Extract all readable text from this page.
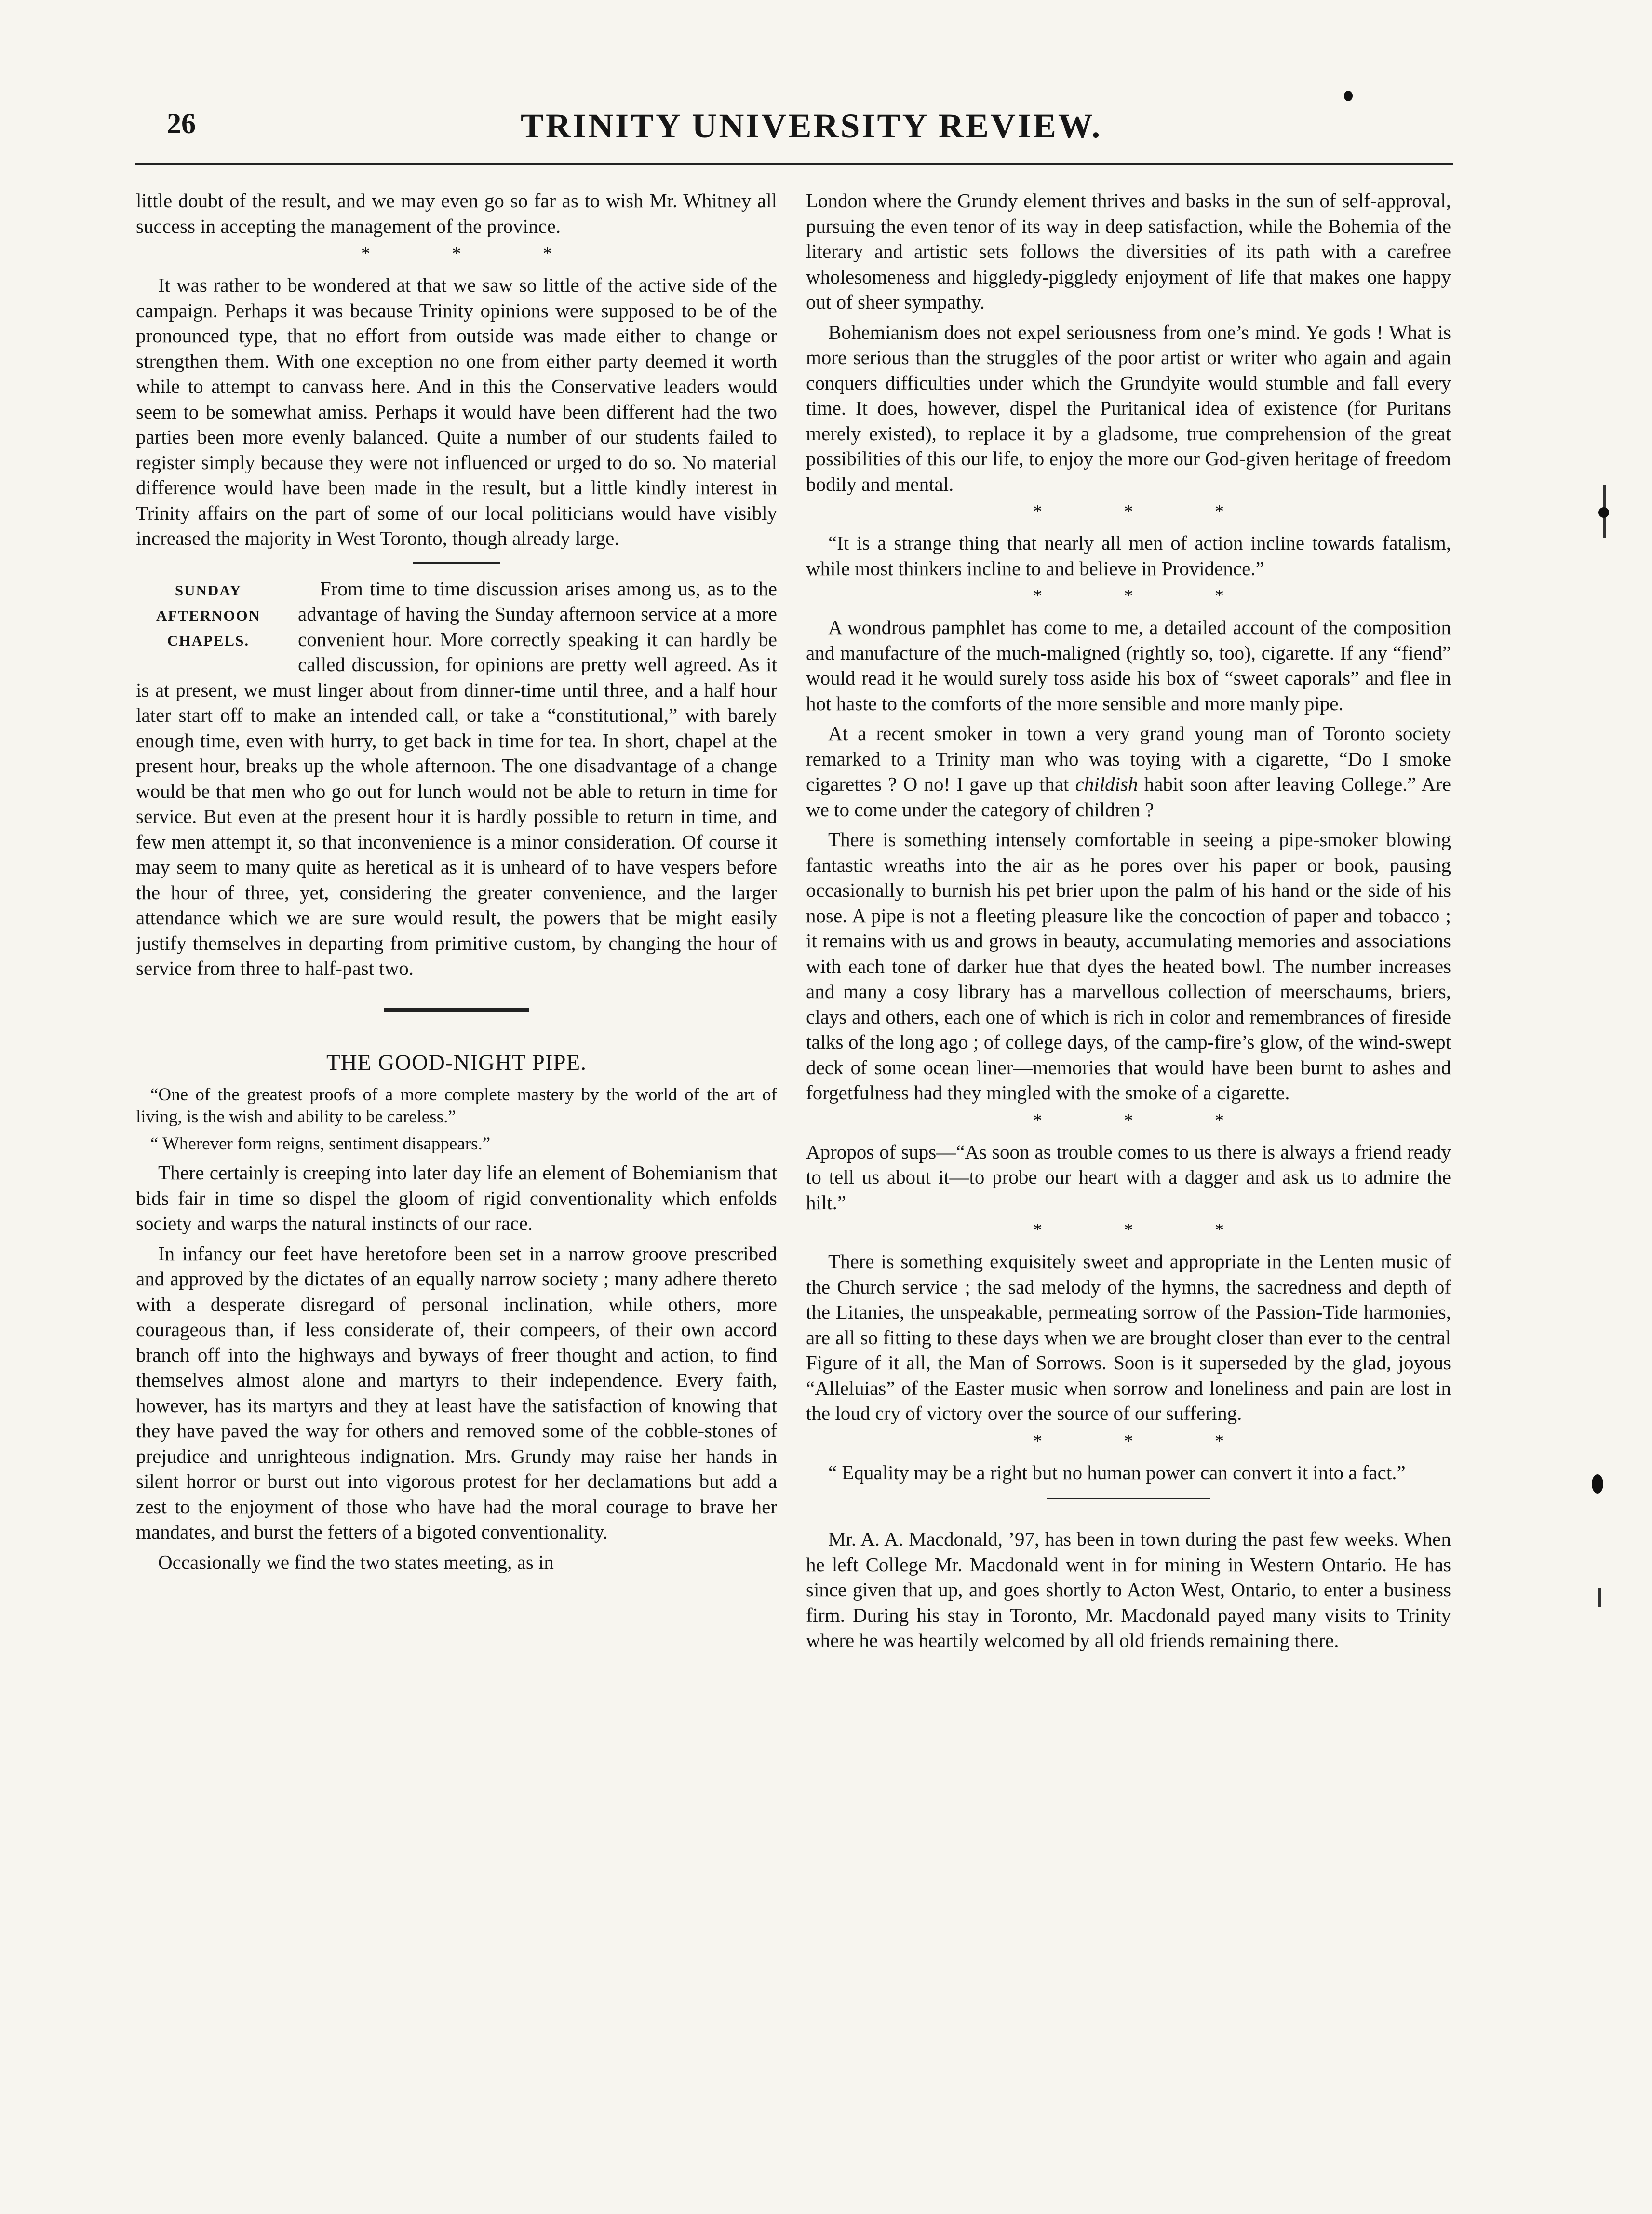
26	TRINITY UNIVERSITY REVIEW.

little doubt of the result, and we may even go so far as to wish Mr. Whitney all success in accepting the management of the province.

* * *

It was rather to be wondered at that we saw so little of the active side of the campaign. Perhaps it was because Trinity opinions were supposed to be of the pronounced type, that no effort from outside was made either to change or strengthen them. With one exception no one from either party deemed it worth while to attempt to canvass here. And in this the Conservative leaders would seem to be somewhat amiss. Perhaps it would have been different had the two parties been more evenly balanced. Quite a number of our students failed to register simply because they were not influenced or urged to do so. No material difference would have been made in the result, but a little kindly interest in Trinity affairs on the part of some of our local politicians would have visibly increased the majority in West Toronto, though already large.

SUNDAY
AFTERNOON
CHAPELS.

From time to time discussion arises among us, as to the advantage of having the Sunday afternoon service at a more convenient hour. More correctly speaking it can hardly be called discussion, for opinions are pretty well agreed. As it is at present, we must linger about from dinner-time until three, and a half hour later start off to make an intended call, or take a “constitutional,” with barely enough time, even with hurry, to get back in time for tea. In short, chapel at the present hour, breaks up the whole afternoon. The one disadvantage of a change would be that men who go out for lunch would not be able to return in time for service. But even at the present hour it is hardly possible to return in time, and few men attempt it, so that inconvenience is a minor consideration. Of course it may seem to many quite as heretical as it is unheard of to have vespers before the hour of three, yet, considering the greater convenience, and the larger attendance which we are sure would result, the powers that be might easily justify themselves in departing from primitive custom, by changing the hour of service from three to half-past two.

THE GOOD-NIGHT PIPE.

“One of the greatest proofs of a more complete mastery by the world of the art of living, is the wish and ability to be careless.”

“ Wherever form reigns, sentiment disappears.”

There certainly is creeping into later day life an element of Bohemianism that bids fair in time so dispel the gloom of rigid conventionality which enfolds society and warps the natural instincts of our race.

In infancy our feet have heretofore been set in a narrow groove prescribed and approved by the dictates of an equally narrow society ; many adhere thereto with a desperate disregard of personal inclination, while others, more courageous than, if less considerate of, their compeers, of their own accord branch off into the highways and byways of freer thought and action, to find themselves almost alone and martyrs to their independence. Every faith, however, has its martyrs and they at least have the satisfaction of knowing that they have paved the way for others and removed some of the cobble-stones of prejudice and unrighteous indignation. Mrs. Grundy may raise her hands in silent horror or burst out into vigorous protest for her declamations but add a zest to the enjoyment of those who have had the moral courage to brave her mandates, and burst the fetters of a bigoted conventionality.

Occasionally we find the two states meeting, as in

London where the Grundy element thrives and basks in the sun of self-approval, pursuing the even tenor of its way in deep satisfaction, while the Bohemia of the literary and artistic sets follows the diversities of its path with a carefree wholesomeness and higgledy-piggledy enjoyment of life that makes one happy out of sheer sympathy.

Bohemianism does not expel seriousness from one’s mind. Ye gods ! What is more serious than the struggles of the poor artist or writer who again and again conquers difficulties under which the Grundyite would stumble and fall every time. It does, however, dispel the Puritanical idea of existence (for Puritans merely existed), to replace it by a gladsome, true comprehension of the great possibilities of this our life, to enjoy the more our God-given heritage of freedom bodily and mental.

* * *

“It is a strange thing that nearly all men of action incline towards fatalism, while most thinkers incline to and believe in Providence.”

* * *

A wondrous pamphlet has come to me, a detailed account of the composition and manufacture of the much-maligned (rightly so, too), cigarette. If any “fiend” would read it he would surely toss aside his box of “sweet caporals” and flee in hot haste to the comforts of the more sensible and more manly pipe.

At a recent smoker in town a very grand young man of Toronto society remarked to a Trinity man who was toying with a cigarette, “Do I smoke cigarettes ? O no! I gave up that childish habit soon after leaving College.” Are we to come under the category of children ?

There is something intensely comfortable in seeing a pipe-smoker blowing fantastic wreaths into the air as he pores over his paper or book, pausing occasionally to burnish his pet brier upon the palm of his hand or the side of his nose. A pipe is not a fleeting pleasure like the concoction of paper and tobacco ; it remains with us and grows in beauty, accumulating memories and associations with each tone of darker hue that dyes the heated bowl. The number increases and many a cosy library has a marvellous collection of meerschaums, briers, clays and others, each one of which is rich in color and remembrances of fireside talks of the long ago ; of college days, of the camp-fire’s glow, of the wind-swept deck of some ocean liner—memories that would have been burnt to ashes and forgetfulness had they mingled with the smoke of a cigarette.

* * *

Apropos of sups—“As soon as trouble comes to us there is always a friend ready to tell us about it—to probe our heart with a dagger and ask us to admire the hilt.”

* * *

There is something exquisitely sweet and appropriate in the Lenten music of the Church service ; the sad melody of the hymns, the sacredness and depth of the Litanies, the unspeakable, permeating sorrow of the Passion-Tide harmonies, are all so fitting to these days when we are brought closer than ever to the central Figure of it all, the Man of Sorrows. Soon is it superseded by the glad, joyous “Alleluias” of the Easter music when sorrow and loneliness and pain are lost in the loud cry of victory over the source of our suffering.

* * *

“ Equality may be a right but no human power can convert it into a fact.”

Mr. A. A. Macdonald, ’97, has been in town during the past few weeks. When he left College Mr. Macdonald went in for mining in Western Ontario. He has since given that up, and goes shortly to Acton West, Ontario, to enter a business firm. During his stay in Toronto, Mr. Macdonald payed many visits to Trinity where he was heartily welcomed by all old friends remaining there.
